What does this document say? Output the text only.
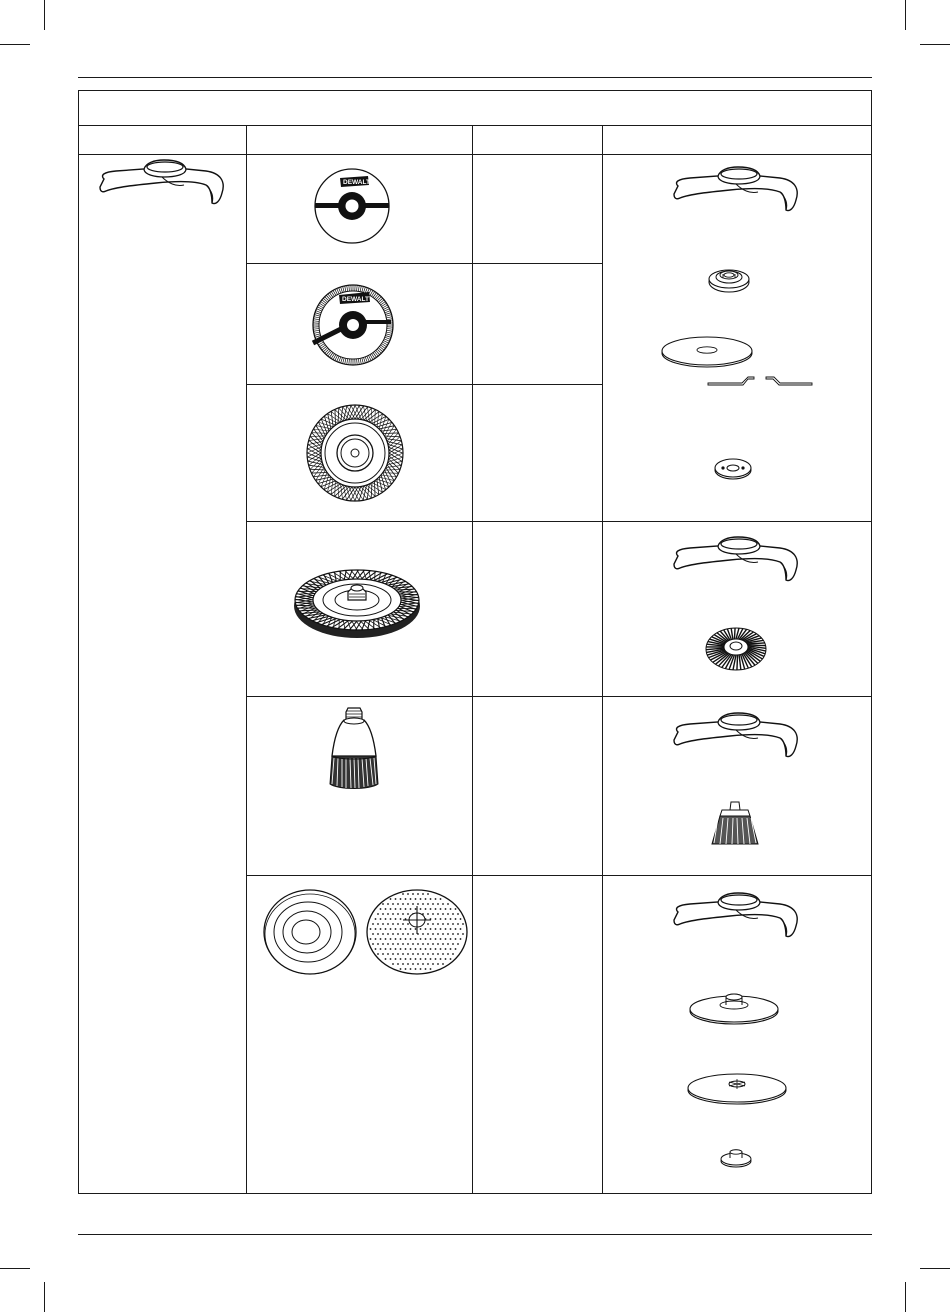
DEWALT
DEWALT
